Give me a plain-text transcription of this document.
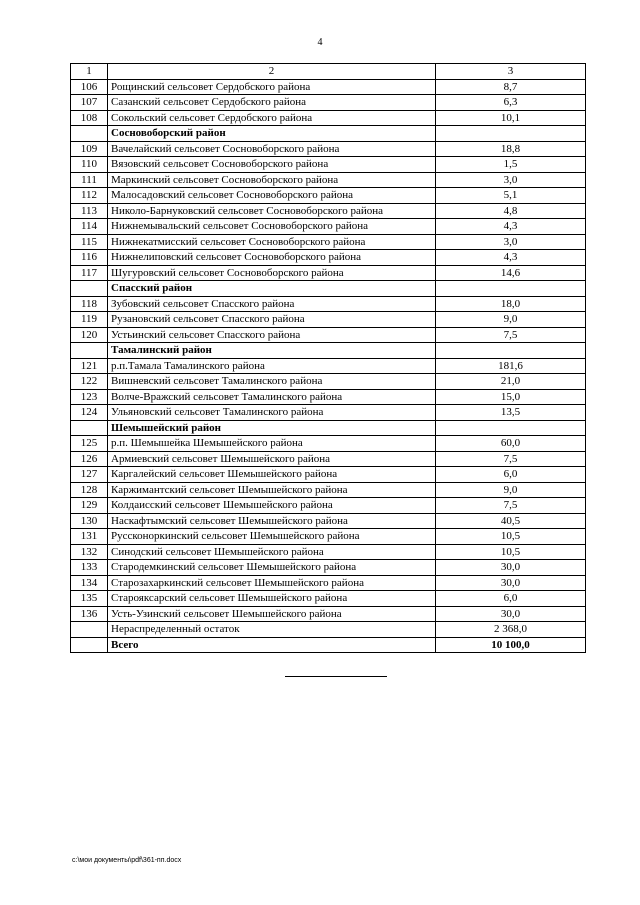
4
1	2	3
106	Рощинский сельсовет Сердобского района	8,7
107	Сазанский сельсовет Сердобского района	6,3
108	Сокольский сельсовет Сердобского района	10,1
	Сосновоборский район	
109	Вачелайский сельсовет Сосновоборского района	18,8
110	Вязовский сельсовет Сосновоборского района	1,5
111	Маркинский сельсовет Сосновоборского района	3,0
112	Малосадовский сельсовет Сосновоборского района	5,1
113	Николо-Барнуковский сельсовет Сосновоборского района	4,8
114	Нижнемывальский сельсовет Сосновоборского района	4,3
115	Нижнекатмисский сельсовет Сосновоборского района	3,0
116	Нижнелиповский сельсовет Сосновоборского района	4,3
117	Шугуровский сельсовет Сосновоборского района	14,6
	Спасский район	
118	Зубовский сельсовет Спасского района	18,0
119	Рузановский сельсовет Спасского района	9,0
120	Устьинский сельсовет Спасского района	7,5
	Тамалинский район	
121	р.п.Тамала Тамалинского района	181,6
122	Вишневский сельсовет Тамалинского района	21,0
123	Волче-Вражский сельсовет Тамалинского района	15,0
124	Ульяновский сельсовет Тамалинского района	13,5
	Шемышейский район	
125	р.п. Шемышейка Шемышейского района	60,0
126	Армиевский сельсовет Шемышейского района	7,5
127	Каргалейский сельсовет Шемышейского района	6,0
128	Каржимантский сельсовет Шемышейского района	9,0
129	Колдаисский сельсовет Шемышейского района	7,5
130	Наскафтымский сельсовет Шемышейского района	40,5
131	Руссконоркинский сельсовет Шемышейского района	10,5
132	Синодский сельсовет Шемышейского района	10,5
133	Стародемкинский сельсовет Шемышейского района	30,0
134	Старозахаркинский сельсовет Шемышейского района	30,0
135	Старояксарский сельсовет Шемышейского района	6,0
136	Усть-Узинский сельсовет Шемышейского района	30,0
	Нераспределенный остаток	2 368,0
	Всего	10 100,0
c:\мои документы\pdf\361-пп.docx
